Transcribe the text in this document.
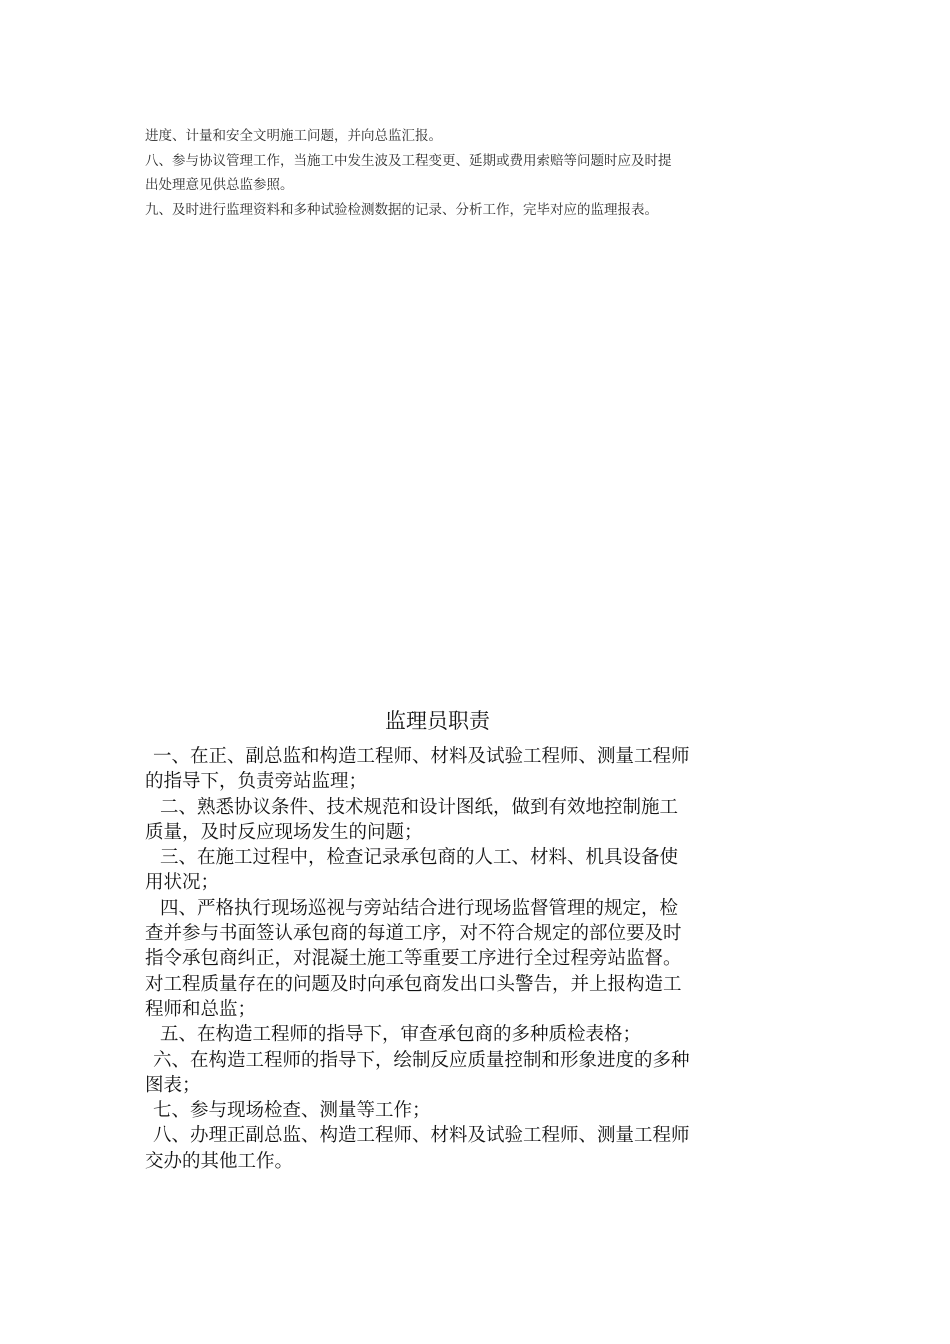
进度、计量和安全文明施工问题，并向总监汇报。

八、参与协议管理工作，当施工中发生波及工程变更、延期或费用索赔等问题时应及时提

出处理意见供总监参照。

九、及时进行监理资料和多种试验检测数据的记录、分析工作，完毕对应的监理报表。

监理员职责

一、在正、副总监和构造工程师、材料及试验工程师、测量工程师

的指导下，负责旁站监理；

二、熟悉协议条件、技术规范和设计图纸，做到有效地控制施工

质量，及时反应现场发生的问题；

三、在施工过程中，检查记录承包商的人工、材料、机具设备使

用状况；

四、严格执行现场巡视与旁站结合进行现场监督管理的规定，检

查并参与书面签认承包商的每道工序，对不符合规定的部位要及时

指令承包商纠正，对混凝土施工等重要工序进行全过程旁站监督。

对工程质量存在的问题及时向承包商发出口头警告，并上报构造工

程师和总监；

五、在构造工程师的指导下，审查承包商的多种质检表格；

六、在构造工程师的指导下，绘制反应质量控制和形象进度的多种

图表；

七、参与现场检查、测量等工作；

八、办理正副总监、构造工程师、材料及试验工程师、测量工程师

交办的其他工作。
